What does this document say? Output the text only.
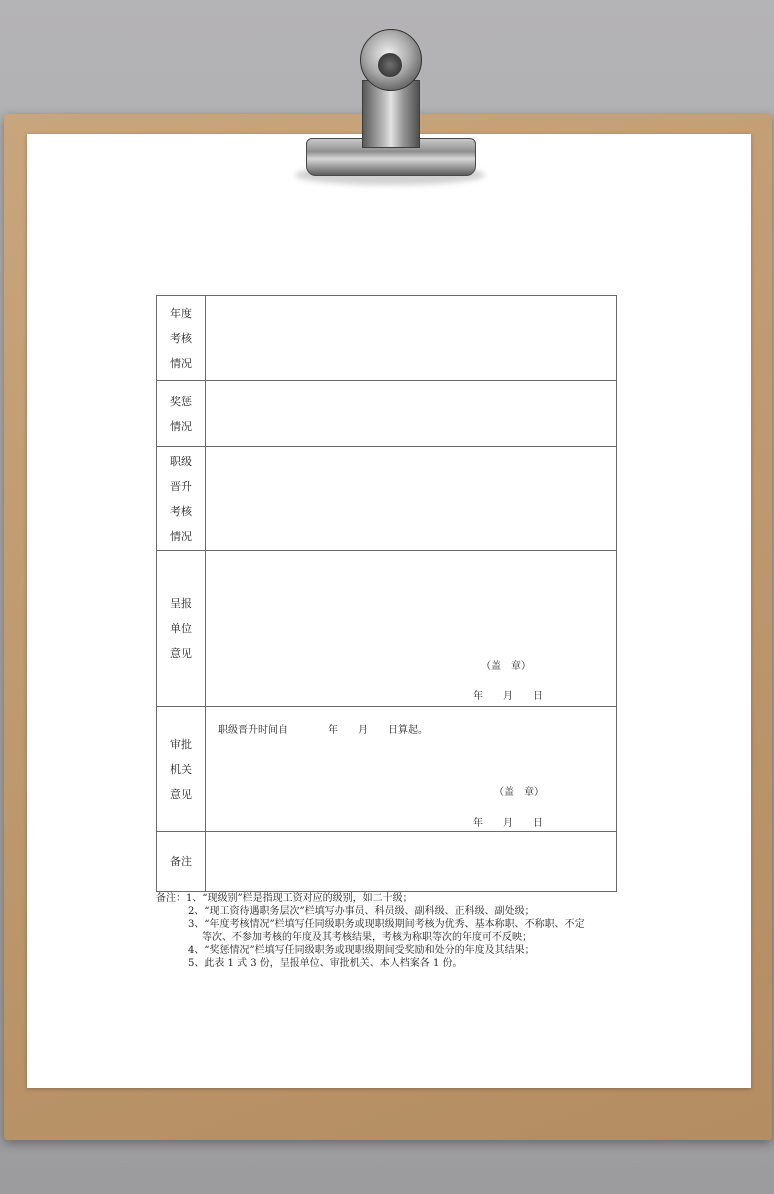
年度
考核
情况	

奖惩
情况	

职级
晋升
考核
情况	

呈报
单位
意见	（盖　章）
年　　月　　日

审批
机关
意见	职级晋升时间自　　　　年　　月　　日算起。
（盖　章）
年　　月　　日

备注	

备注：1、“现级别”栏是指现工资对应的级别，如二十级；
2、“现工资待遇职务层次”栏填写办事员、科员级、副科级、正科级、副处级；
3、“年度考核情况”栏填写任同级职务或现职级期间考核为优秀、基本称职、不称职、不定
等次、不参加考核的年度及其考核结果，考核为称职等次的年度可不反映；
4、“奖惩情况”栏填写任同级职务或现职级期间受奖励和处分的年度及其结果；
5、此表 1 式 3 份，呈报单位、审批机关、本人档案各 1 份。
